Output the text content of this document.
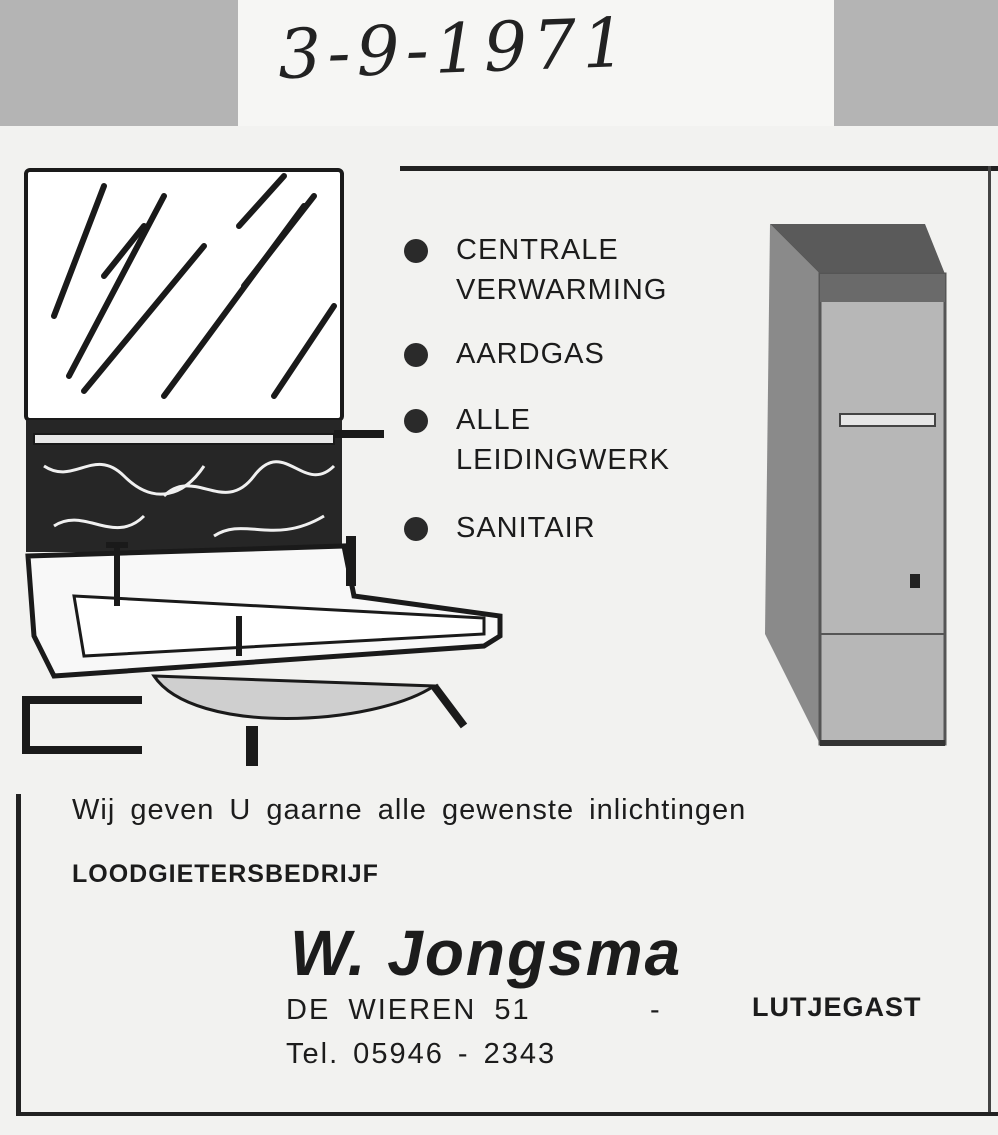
3-9-1971
CENTRALE
VERWARMING
AARDGAS
ALLE
LEIDINGWERK
SANITAIR
Wij geven U gaarne alle gewenste inlichtingen
LOODGIETERSBEDRIJF
W. Jongsma
DE WIEREN 51	-	LUTJEGAST
Tel. 05946 - 2343
